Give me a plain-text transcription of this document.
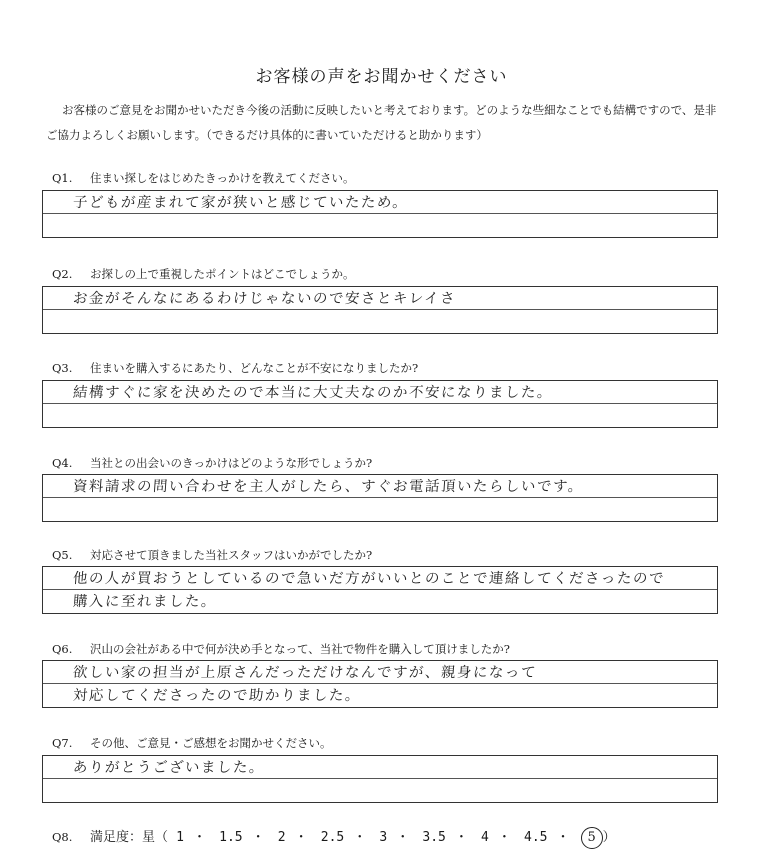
お客様の声をお聞かせください
お客様のご意見をお聞かせいただき今後の活動に反映したいと考えております。どのような些細なことでも結構ですので、是非ご協力よろしくお願いします。（できるだけ具体的に書いていただけると助かります）
Q1. 住まい探しをはじめたきっかけを教えてください。
子どもが産まれて家が狭いと感じていたため。
Q2. お探しの上で重視したポイントはどこでしょうか。
お金がそんなにあるわけじゃないので安さとキレイさ
Q3. 住まいを購入するにあたり、どんなことが不安になりましたか?
結構すぐに家を決めたので本当に大丈夫なのか不安になりました。
Q4. 当社との出会いのきっかけはどのような形でしょうか?
資料請求の問い合わせを主人がしたら、すぐお電話頂いたらしいです。
Q5. 対応させて頂きました当社スタッフはいかがでしたか?
他の人が買おうとしているので急いだ方がいいとのことで連絡してくださったので
購入に至れました。
Q6. 沢山の会社がある中で何が決め手となって、当社で物件を購入して頂けましたか?
欲しい家の担当が上原さんだっただけなんですが、親身になって
対応してくださったので助かりました。
Q7. その他、ご意見・ご感想をお聞かせください。
ありがとうございました。
Q8. 満足度：星（ 1 ・ 1.5 ・ 2 ・ 2.5 ・ 3 ・ 3.5 ・ 4 ・ 4.5 ・ 5 ）
